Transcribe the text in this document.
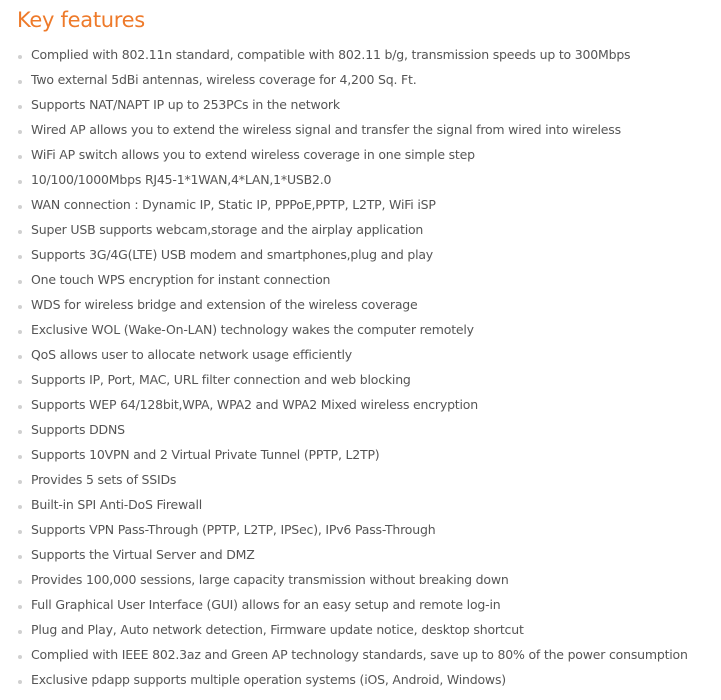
Key features
Complied with 802.11n standard, compatible with 802.11 b/g, transmission speeds up to 300Mbps
Two external 5dBi antennas, wireless coverage for 4,200 Sq. Ft.
Supports NAT/NAPT IP up to 253PCs in the network
Wired AP allows you to extend the wireless signal and transfer the signal from wired into wireless
WiFi AP switch allows you to extend wireless coverage in one simple step
10/100/1000Mbps RJ45-1*1WAN,4*LAN,1*USB2.0
WAN connection : Dynamic IP, Static IP, PPPoE,PPTP, L2TP, WiFi iSP
Super USB supports webcam,storage and the airplay application
Supports 3G/4G(LTE) USB modem and smartphones,plug and play
One touch WPS encryption for instant connection
WDS for wireless bridge and extension of the wireless coverage
Exclusive WOL (Wake-On-LAN) technology wakes the computer remotely
QoS allows user to allocate network usage efficiently
Supports IP, Port, MAC, URL filter connection and web blocking
Supports WEP 64/128bit,WPA, WPA2 and WPA2 Mixed wireless encryption
Supports DDNS
Supports 10VPN and 2 Virtual Private Tunnel (PPTP, L2TP)
Provides 5 sets of SSIDs
Built-in SPI Anti-DoS Firewall
Supports VPN Pass-Through (PPTP, L2TP, IPSec), IPv6 Pass-Through
Supports the Virtual Server and DMZ
Provides 100,000 sessions, large capacity transmission without breaking down
Full Graphical User Interface (GUI) allows for an easy setup and remote log-in
Plug and Play, Auto network detection, Firmware update notice, desktop shortcut
Complied with IEEE 802.3az and Green AP technology standards, save up to 80% of the power consumption
Exclusive pdapp supports multiple operation systems (iOS, Android, Windows)
